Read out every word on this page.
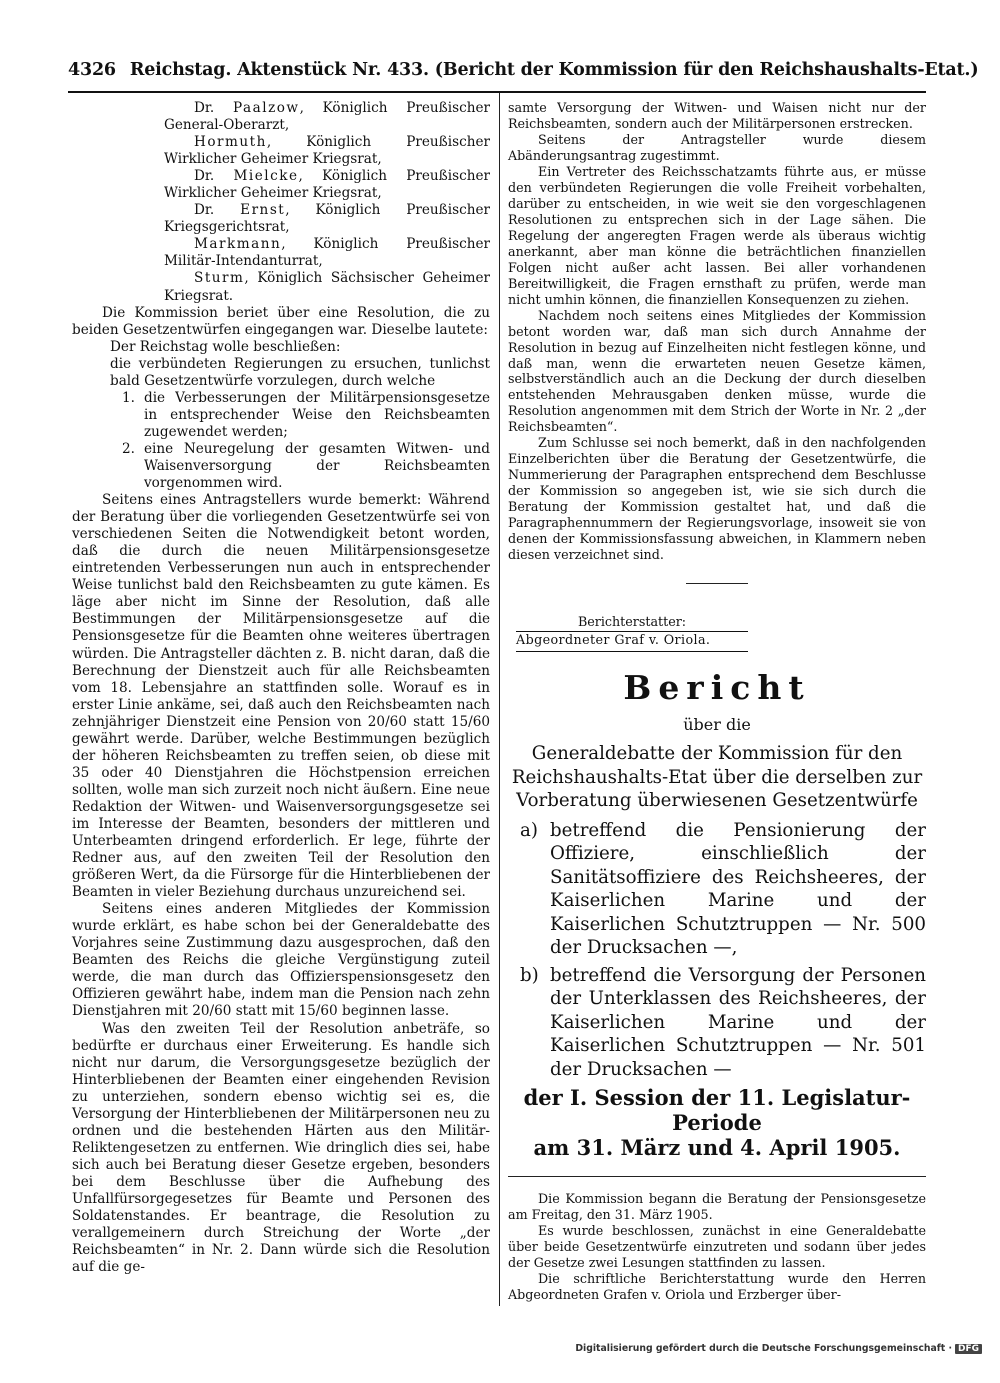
4326 Reichstag. Aktenstück Nr. 433. (Bericht der Kommission für den Reichshaushalts-Etat.)

Dr. Paalzow, Königlich Preußischer General-Oberarzt,

Hormuth, Königlich Preußischer Wirklicher Geheimer Kriegsrat,

Dr. Mielcke, Königlich Preußischer Wirklicher Geheimer Kriegsrat,

Dr. Ernst, Königlich Preußischer Kriegsgerichtsrat,

Markmann, Königlich Preußischer Militär-Intendanturrat,

Sturm, Königlich Sächsischer Geheimer Kriegsrat.

Die Kommission beriet über eine Resolution, die zu beiden Gesetzentwürfen eingegangen war. Dieselbe lautete:

Der Reichstag wolle beschließen:

die verbündeten Regierungen zu ersuchen, tunlichst bald Gesetzentwürfe vorzulegen, durch welche

1. die Verbesserungen der Militärpensionsgesetze in entsprechender Weise den Reichsbeamten zugewendet werden;
2. eine Neuregelung der gesamten Witwen- und Waisenversorgung der Reichsbeamten vorgenommen wird.

Seitens eines Antragstellers wurde bemerkt: Während der Beratung über die vorliegenden Gesetzentwürfe sei von verschiedenen Seiten die Notwendigkeit betont worden, daß die durch die neuen Militärpensionsgesetze eintretenden Verbesserungen nun auch in entsprechender Weise tunlichst bald den Reichsbeamten zu gute kämen. Es läge aber nicht im Sinne der Resolution, daß alle Bestimmungen der Militärpensionsgesetze auf die Pensionsgesetze für die Beamten ohne weiteres übertragen würden. Die Antragsteller dächten z. B. nicht daran, daß die Berechnung der Dienstzeit auch für alle Reichsbeamten vom 18. Lebensjahre an stattfinden solle. Worauf es in erster Linie ankäme, sei, daß auch den Reichsbeamten nach zehnjähriger Dienstzeit eine Pension von 20/60 statt 15/60 gewährt werde. Darüber, welche Bestimmungen bezüglich der höheren Reichsbeamten zu treffen seien, ob diese mit 35 oder 40 Dienstjahren die Höchstpension erreichen sollten, wolle man sich zurzeit noch nicht äußern. Eine neue Redaktion der Witwen- und Waisenversorgungsgesetze sei im Interesse der Beamten, besonders der mittleren und Unterbeamten dringend erforderlich. Er lege, führte der Redner aus, auf den zweiten Teil der Resolution den größeren Wert, da die Fürsorge für die Hinterbliebenen der Beamten in vieler Beziehung durchaus unzureichend sei.

Seitens eines anderen Mitgliedes der Kommission wurde erklärt, es habe schon bei der Generaldebatte des Vorjahres seine Zustimmung dazu ausgesprochen, daß den Beamten des Reichs die gleiche Vergünstigung zuteil werde, die man durch das Offizierspensionsgesetz den Offizieren gewährt habe, indem man die Pension nach zehn Dienstjahren mit 20/60 statt mit 15/60 beginnen lasse.

Was den zweiten Teil der Resolution anbeträfe, so bedürfte er durchaus einer Erweiterung. Es handle sich nicht nur darum, die Versorgungsgesetze bezüglich der Hinterbliebenen der Beamten einer eingehenden Revision zu unterziehen, sondern ebenso wichtig sei es, die Versorgung der Hinterbliebenen der Militärpersonen neu zu ordnen und die bestehenden Härten aus den Militär-Reliktengesetzen zu entfernen. Wie dringlich dies sei, habe sich auch bei Beratung dieser Gesetze ergeben, besonders bei dem Beschlusse über die Aufhebung des Unfallfürsorgegesetzes für Beamte und Personen des Soldatenstandes. Er beantrage, die Resolution zu verallgemeinern durch Streichung der Worte „der Reichsbeamten“ in Nr. 2. Dann würde sich die Resolution auf die ge-

samte Versorgung der Witwen- und Waisen nicht nur der Reichsbeamten, sondern auch der Militärpersonen erstrecken.

Seitens der Antragsteller wurde diesem Abänderungsantrag zugestimmt.

Ein Vertreter des Reichsschatzamts führte aus, er müsse den verbündeten Regierungen die volle Freiheit vorbehalten, darüber zu entscheiden, in wie weit sie den vorgeschlagenen Resolutionen zu entsprechen sich in der Lage sähen. Die Regelung der angeregten Fragen werde als überaus wichtig anerkannt, aber man könne die beträchtlichen finanziellen Folgen nicht außer acht lassen. Bei aller vorhandenen Bereitwilligkeit, die Fragen ernsthaft zu prüfen, werde man nicht umhin können, die finanziellen Konsequenzen zu ziehen.

Nachdem noch seitens eines Mitgliedes der Kommission betont worden war, daß man sich durch Annahme der Resolution in bezug auf Einzelheiten nicht festlegen könne, und daß man, wenn die erwarteten neuen Gesetze kämen, selbstverständlich auch an die Deckung der durch dieselben entstehenden Mehrausgaben denken müsse, wurde die Resolution angenommen mit dem Strich der Worte in Nr. 2 „der Reichsbeamten“.

Zum Schlusse sei noch bemerkt, daß in den nachfolgenden Einzelberichten über die Beratung der Gesetzentwürfe, die Nummerierung der Paragraphen entsprechend dem Beschlusse der Kommission so angegeben ist, wie sie sich durch die Beratung der Kommission gestaltet hat, und daß die Paragraphennummern der Regierungsvorlage, insoweit sie von denen der Kommissionsfassung abweichen, in Klammern neben diesen verzeichnet sind.

Berichterstatter:
Abgeordneter Graf v. Oriola.
Bericht
über die
Generaldebatte der Kommission für den Reichshaushalts-Etat über die derselben zur Vorberatung überwiesenen Gesetzentwürfe
a) betreffend die Pensionierung der Offiziere, einschließlich der Sanitätsoffiziere des Reichsheeres, der Kaiserlichen Marine und der Kaiserlichen Schutztruppen — Nr. 500 der Drucksachen —,
b) betreffend die Versorgung der Personen der Unterklassen des Reichsheeres, der Kaiserlichen Marine und der Kaiserlichen Schutztruppen — Nr. 501 der Drucksachen —
der I. Session der 11. Legislatur-Periode
am 31. März und 4. April 1905.

Die Kommission begann die Beratung der Pensionsgesetze am Freitag, den 31. März 1905.

Es wurde beschlossen, zunächst in eine Generaldebatte über beide Gesetzentwürfe einzutreten und sodann über jedes der Gesetze zwei Lesungen stattfinden zu lassen.

Die schriftliche Berichterstattung wurde den Herren Abgeordneten Grafen v. Oriola und Erzberger über-

Digitalisierung gefördert durch die Deutsche Forschungsgemeinschaft · DFG
